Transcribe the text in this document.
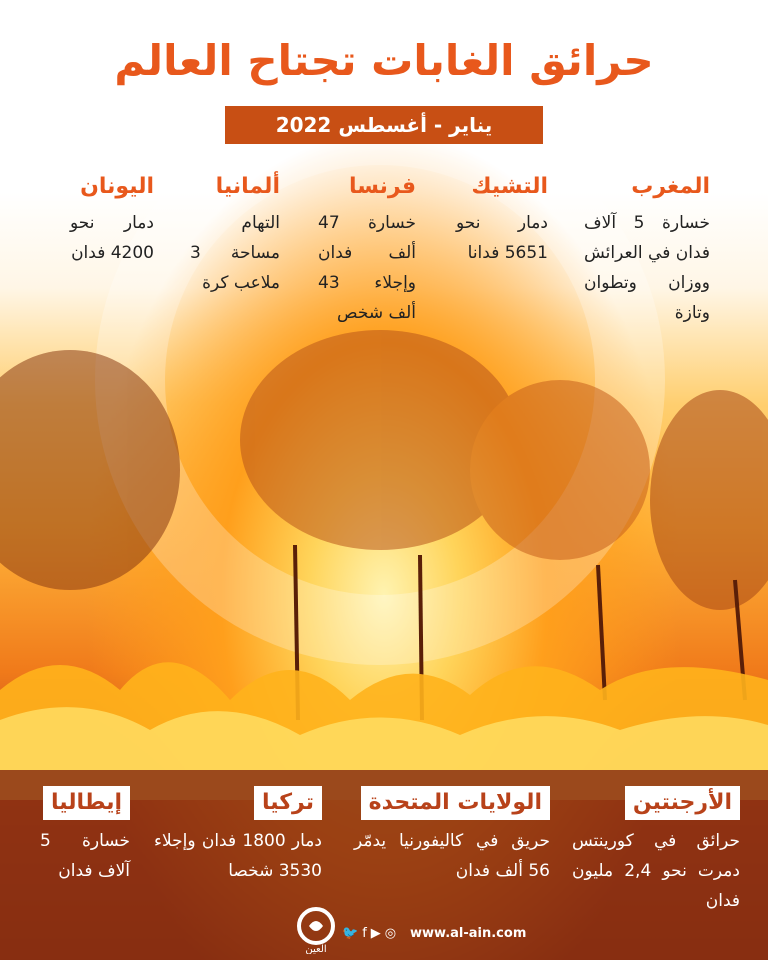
حرائق الغابات تجتاح العالم
يناير - أغسطس 2022
المغرب
خسارة 5 آلاف فدان في العرائش ووزان وتطوان وتازة
التشيك
دمار نحو 5651 فدانا
فرنسا
خسارة 47 ألف فدان وإجلاء 43 ألف شخص
ألمانيا
التهام مساحة 3 ملاعب كرة
اليونان
دمار نحو 4200 فدان
الأرجنتين
حرائق في كورينتس دمرت نحو 2,4 مليون فدان
الولايات المتحدة
حريق في كاليفورنيا يدمّر 56 ألف فدان
تركيا
دمار 1800 فدان وإجلاء 3530 شخصا
إيطاليا
خسارة 5 آلاف فدان
العين
🐦 f ▶ ◎	www.al-ain.com
